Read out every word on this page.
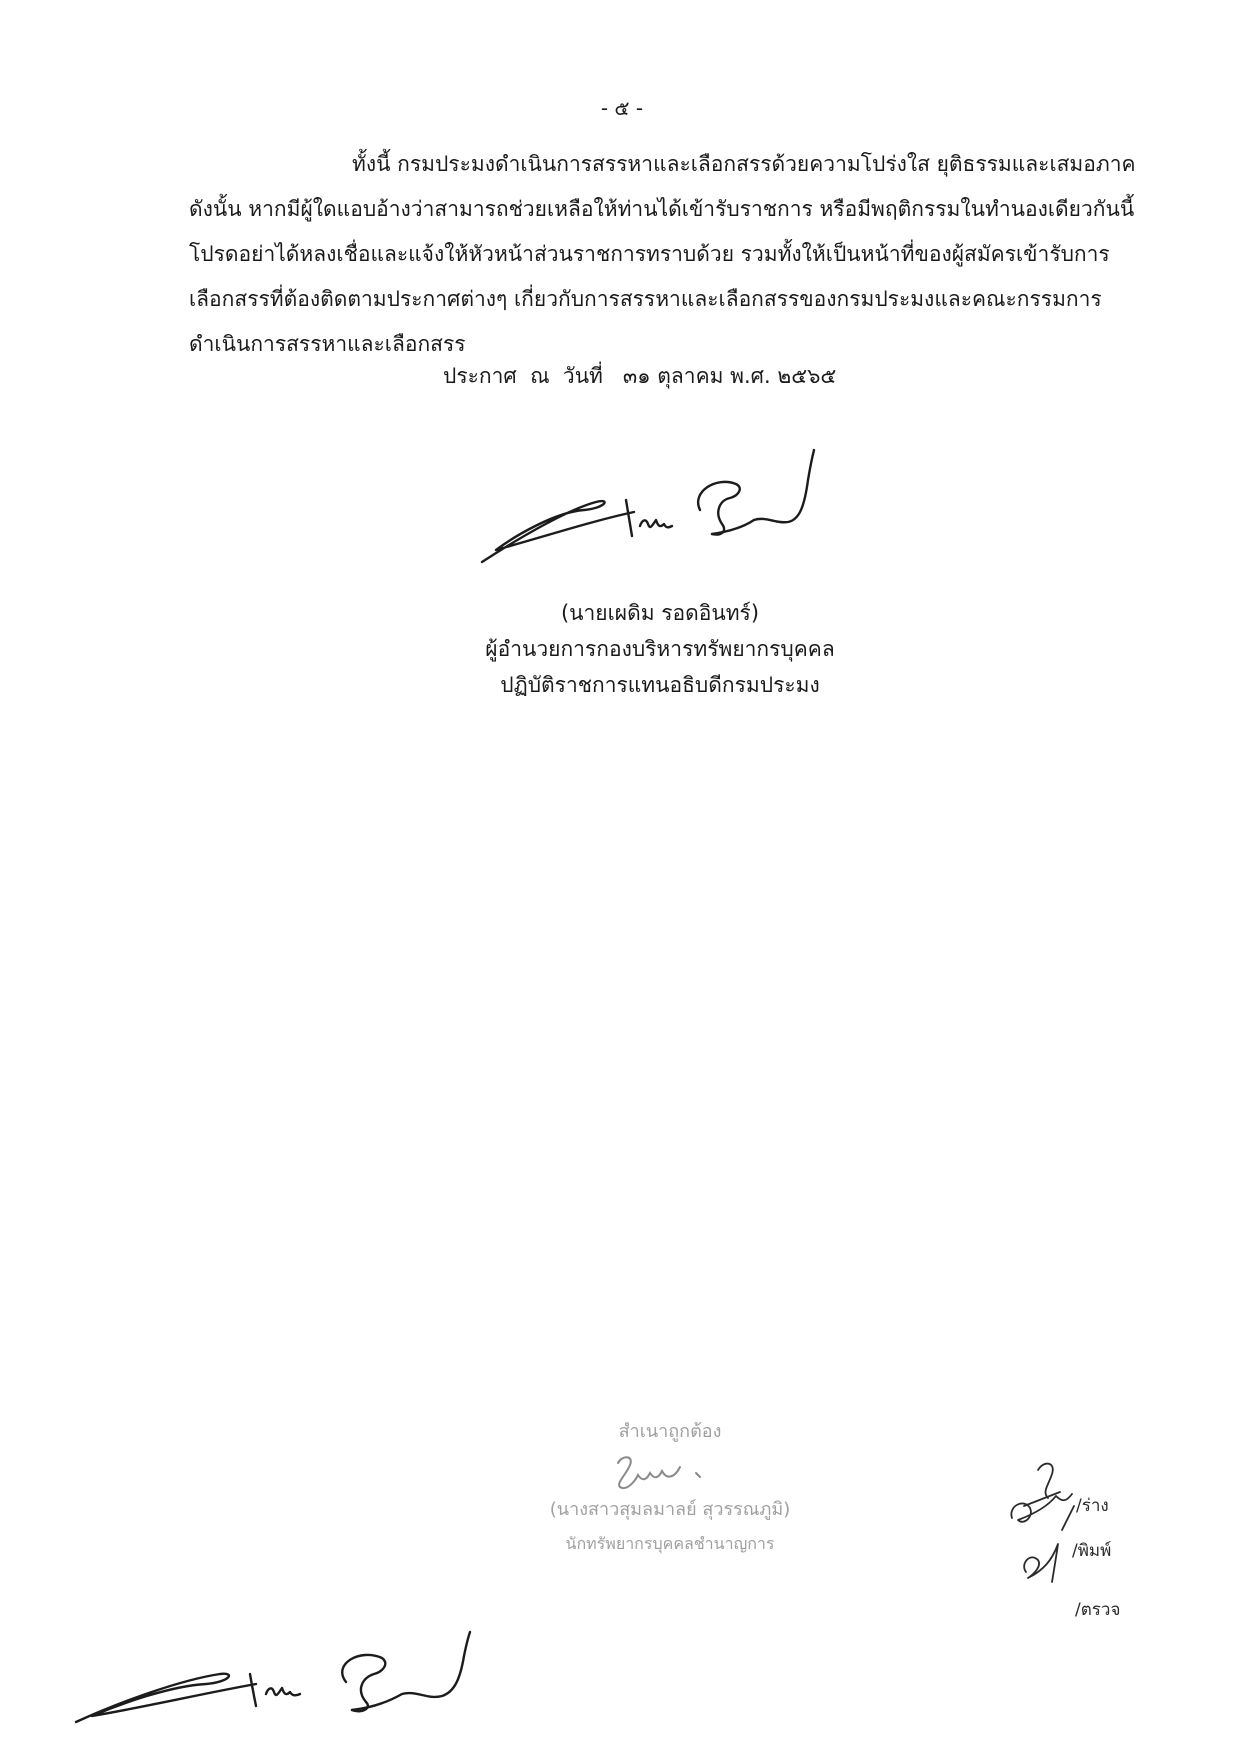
- ๕ -
ทั้งนี้ กรมประมงดำเนินการสรรหาและเลือกสรรด้วยความโปร่งใส ยุติธรรมและเสมอภาค
ดังนั้น หากมีผู้ใดแอบอ้างว่าสามารถช่วยเหลือให้ท่านได้เข้ารับราชการ หรือมีพฤติกรรมในทำนองเดียวกันนี้
โปรดอย่าได้หลงเชื่อและแจ้งให้หัวหน้าส่วนราชการทราบด้วย รวมทั้งให้เป็นหน้าที่ของผู้สมัครเข้ารับการ
เลือกสรรที่ต้องติดตามประกาศต่างๆ เกี่ยวกับการสรรหาและเลือกสรรของกรมประมงและคณะกรรมการ
ดำเนินการสรรหาและเลือกสรร
ประกาศ  ณ  วันที่   ๓๑ ตุลาคม พ.ศ. ๒๕๖๕
(นายเผดิม รอดอินทร์)
ผู้อำนวยการกองบริหารทรัพยากรบุคคล
ปฏิบัติราชการแทนอธิบดีกรมประมง
สำเนาถูกต้อง
(นางสาวสุมลมาลย์ สุวรรณภูมิ)
นักทรัพยากรบุคคลชำนาญการ
/ร่าง
/พิมพ์
/ตรวจ
